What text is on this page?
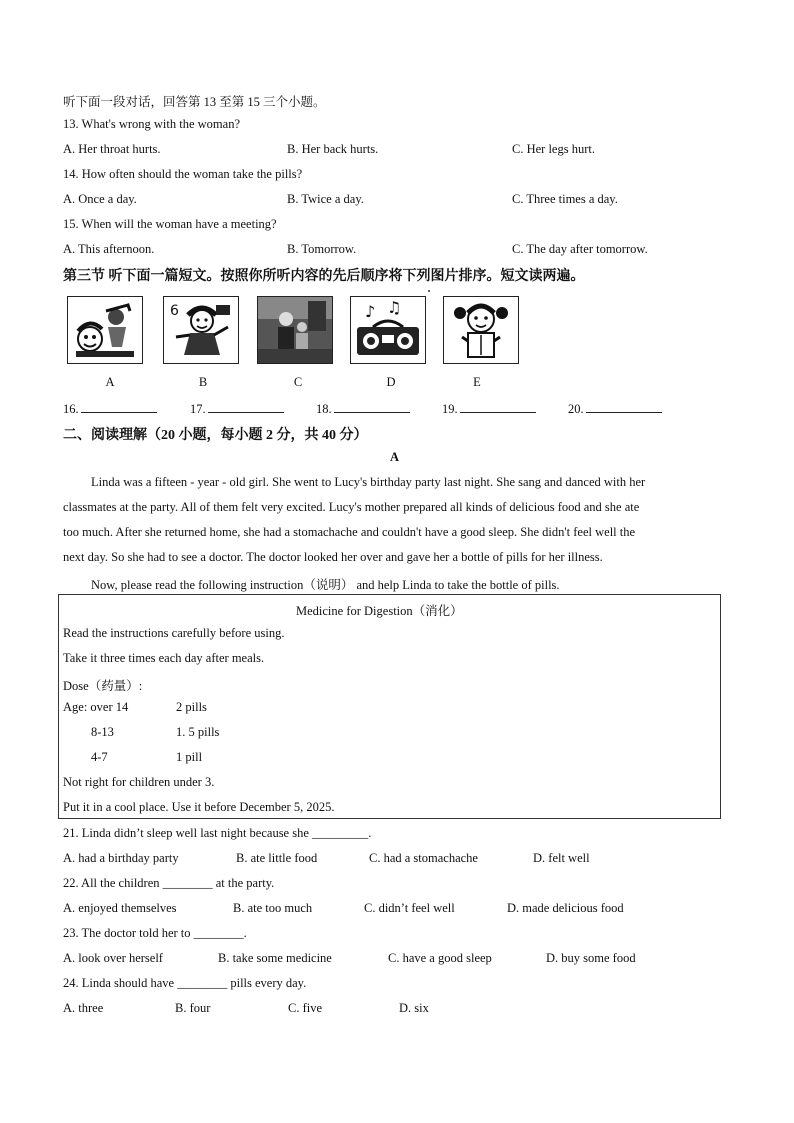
听下面一段对话，回答第 13 至第 15 三个小题。
13. What's wrong with the woman?
A. Her throat hurts.	B. Her back hurts.	C. Her legs hurt.
14. How often should the woman take the pills?
A. Once a day.	B. Twice a day.	C. Three times a day.
15. When will the woman have a meeting?
A. This afternoon.	B. Tomorrow.	C. The day after tomorrow.
第三节 听下面一篇短文。按照你所听内容的先后顺序将下列图片排序。短文读两遍。
6	♪ ♫
A	B	C	D	E
16.	17.	18.	19.	20.
二、阅读理解（20 小题，每小题 2 分，共 40 分）
A
Linda was a fifteen - year - old girl. She went to Lucy's birthday party last night. She sang and danced with her
classmates at the party. All of them felt very excited. Lucy's mother prepared all kinds of delicious food and she ate
too much. After she returned home, she had a stomachache and couldn't have a good sleep. She didn't feel well the
next day. So she had to see a doctor. The doctor looked her over and gave her a bottle of pills for her illness.
Now, please read the following instruction（说明） and help Linda to take the bottle of pills.
Medicine for Digestion（消化）
Read the instructions carefully before using.
Take it three times each day after meals.
Dose（药量）:
Age: over 14	2 pills
8-13	1. 5 pills
4-7	1 pill
Not right for children under 3.
Put it in a cool place. Use it before December 5, 2025.
21. Linda didn’t sleep well last night because she _________.
A. had a birthday party	B. ate little food	C. had a stomachache	D. felt well
22. All the children ________ at the party.
A. enjoyed themselves	B. ate too much	C. didn’t feel well	D. made delicious food
23. The doctor told her to ________.
A. look over herself	B. take some medicine	C. have a good sleep	D. buy some food
24. Linda should have ________ pills every day.
A. three	B. four	C. five	D. six
